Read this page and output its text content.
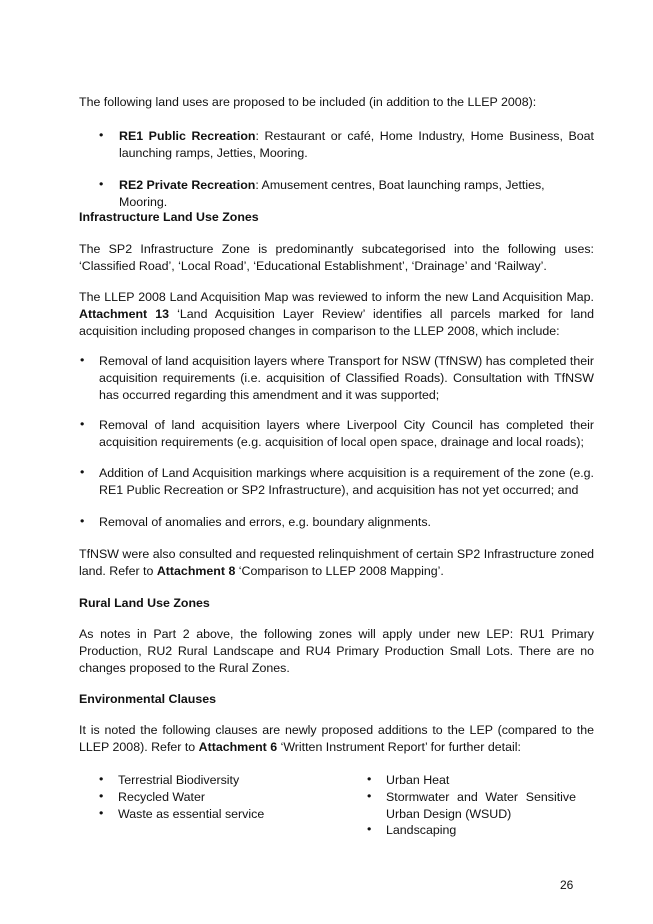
The following land uses are proposed to be included (in addition to the LLEP 2008):

• RE1 Public Recreation: Restaurant or café, Home Industry, Home Business, Boat launching ramps, Jetties, Mooring.

• RE2 Private Recreation: Amusement centres, Boat launching ramps, Jetties, Mooring.

Infrastructure Land Use Zones

The SP2 Infrastructure Zone is predominantly subcategorised into the following uses: ‘Classified Road’, ‘Local Road’, ‘Educational Establishment’, ‘Drainage’ and ‘Railway’.

The LLEP 2008 Land Acquisition Map was reviewed to inform the new Land Acquisition Map. Attachment 13 ‘Land Acquisition Layer Review’ identifies all parcels marked for land acquisition including proposed changes in comparison to the LLEP 2008, which include:

• Removal of land acquisition layers where Transport for NSW (TfNSW) has completed their acquisition requirements (i.e. acquisition of Classified Roads). Consultation with TfNSW has occurred regarding this amendment and it was supported;

• Removal of land acquisition layers where Liverpool City Council has completed their acquisition requirements (e.g. acquisition of local open space, drainage and local roads);

• Addition of Land Acquisition markings where acquisition is a requirement of the zone (e.g. RE1 Public Recreation or SP2 Infrastructure), and acquisition has not yet occurred; and

• Removal of anomalies and errors, e.g. boundary alignments.

TfNSW were also consulted and requested relinquishment of certain SP2 Infrastructure zoned land. Refer to Attachment 8 ‘Comparison to LLEP 2008 Mapping’.

Rural Land Use Zones

As notes in Part 2 above, the following zones will apply under new LEP: RU1 Primary Production, RU2 Rural Landscape and RU4 Primary Production Small Lots. There are no changes proposed to the Rural Zones.

Environmental Clauses

It is noted the following clauses are newly proposed additions to the LEP (compared to the LLEP 2008). Refer to Attachment 6 ‘Written Instrument Report’ for further detail:

• Terrestrial Biodiversity

• Recycled Water

• Waste as essential service

• Urban Heat

• Stormwater and Water Sensitive Urban Design (WSUD)

• Landscaping

26
